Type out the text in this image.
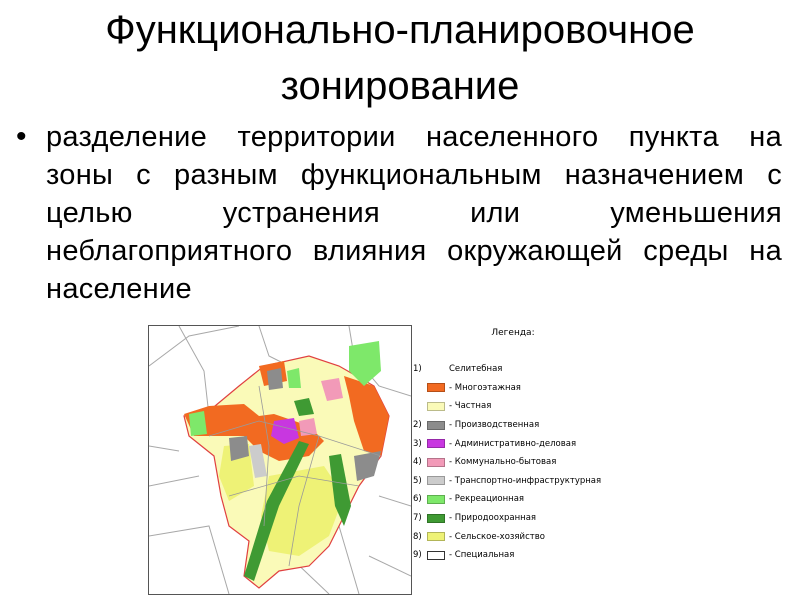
Функционально-планировочное
зонирование
• разделение территории населенного пункта на зоны с разным функциональным назначением с целью устранения или уменьшения неблагоприятного влияния окружающей среды на население
Легенда:
1)	Селитебная
- Многоэтажная
- Частная
2)	- Производственная
3)	- Административно-деловая
4)	- Коммунально-бытовая
5)	- Транспортно-инфраструктурная
6)	- Рекреационная
7)	- Природоохранная
8)	- Сельское-хозяйство
9)	- Специальная
